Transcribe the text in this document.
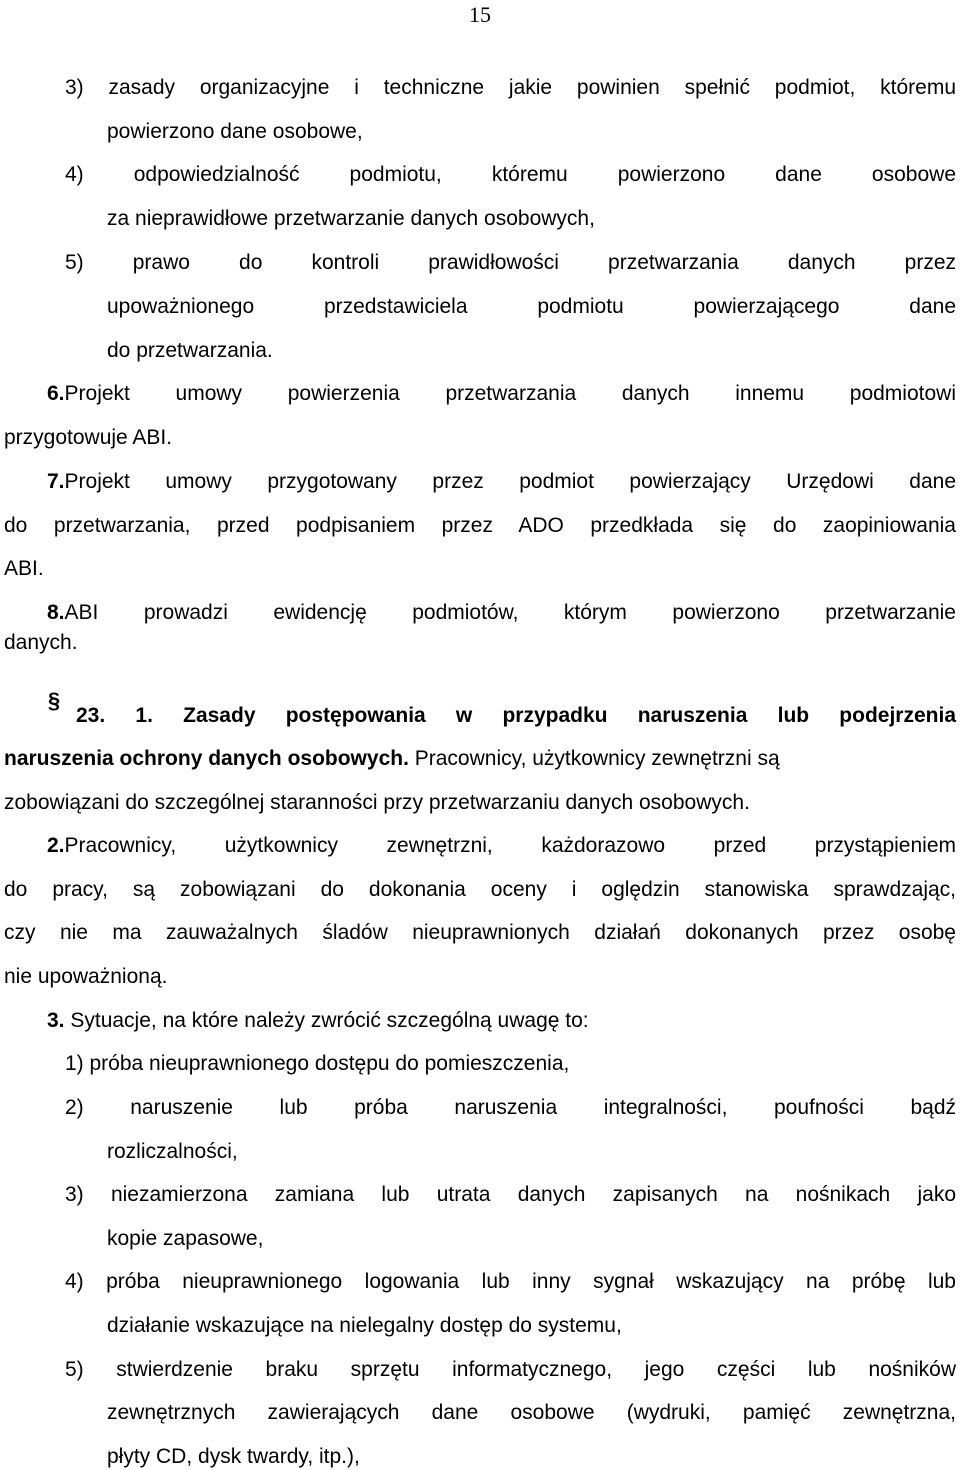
15
3) zasady organizacyjne i techniczne jakie powinien spełnić podmiot, któremu
powierzono dane osobowe,
4) odpowiedzialność podmiotu, któremu powierzono dane osobowe
za nieprawidłowe przetwarzanie danych osobowych,
5) prawo do kontroli prawidłowości przetwarzania danych przez
upoważnionego przedstawiciela podmiotu powierzającego dane
do przetwarzania.
6. Projekt umowy powierzenia przetwarzania danych innemu podmiotowi
przygotowuje ABI.
7. Projekt umowy przygotowany przez podmiot powierzający Urzędowi dane
do przetwarzania, przed podpisaniem przez ADO przedkłada się do zaopiniowania
ABI.
8. ABI prowadzi ewidencję podmiotów, którym powierzono przetwarzanie
danych.
§
23. 1. Zasady postępowania w przypadku naruszenia lub podejrzenia
naruszenia ochrony danych osobowych. Pracownicy, użytkownicy zewnętrzni są
zobowiązani do szczególnej staranności przy przetwarzaniu danych osobowych.
2. Pracownicy, użytkownicy zewnętrzni, każdorazowo przed przystąpieniem
do pracy, są zobowiązani do dokonania oceny i oględzin stanowiska sprawdzając,
czy nie ma zauważalnych śladów nieuprawnionych działań dokonanych przez osobę
nie upoważnioną.
3. Sytuacje, na które należy zwrócić szczególną uwagę to:
1) próba nieuprawnionego dostępu do pomieszczenia,
2) naruszenie lub próba naruszenia integralności, poufności bądź
rozliczalności,
3) niezamierzona zamiana lub utrata danych zapisanych na nośnikach jako
kopie zapasowe,
4) próba nieuprawnionego logowania lub inny sygnał wskazujący na próbę lub
działanie wskazujące na nielegalny dostęp do systemu,
5) stwierdzenie braku sprzętu informatycznego, jego części lub nośników
zewnętrznych zawierających dane osobowe (wydruki, pamięć zewnętrzna,
płyty CD, dysk twardy, itp.),
